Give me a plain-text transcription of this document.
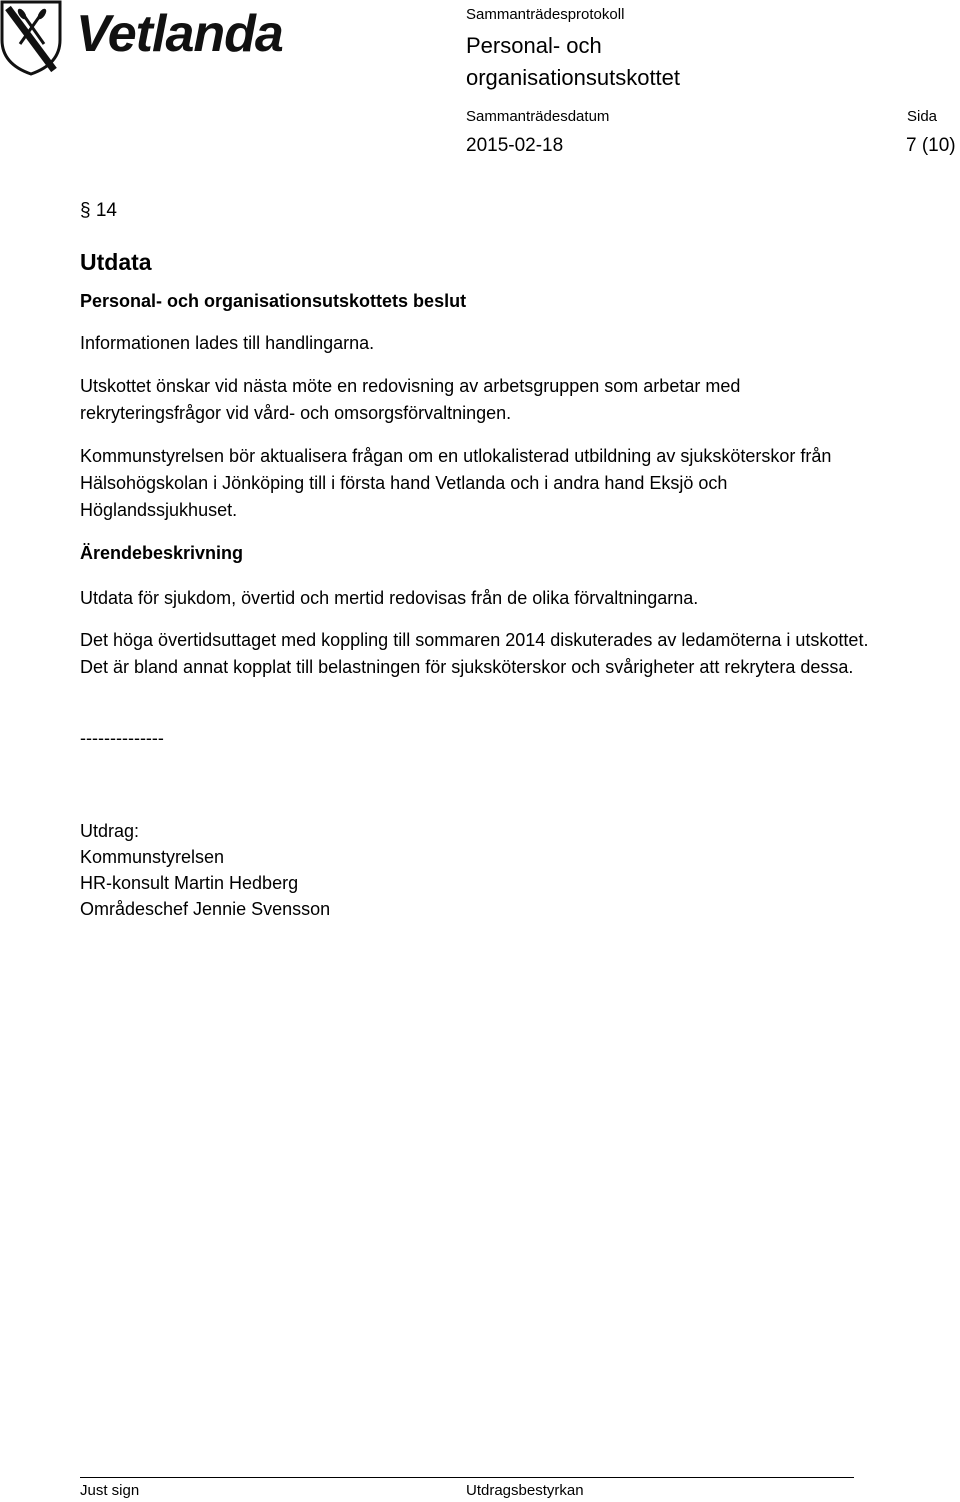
Vetlanda	Sammanträdesprotokoll
Personal- och
organisationsutskottet
Sammanträdesdatum	Sida
2015-02-18	7 (10)
§ 14
Utdata
Personal- och organisationsutskottets beslut
Informationen lades till handlingarna.
Utskottet önskar vid nästa möte en redovisning av arbetsgruppen som arbetar med rekryteringsfrågor vid vård- och omsorgsförvaltningen.
Kommunstyrelsen bör aktualisera frågan om en utlokalisterad utbildning av sjuksköterskor från Hälsohögskolan i Jönköping till i första hand Vetlanda och i andra hand Eksjö och Höglandssjukhuset.
Ärendebeskrivning
Utdata för sjukdom, övertid och mertid redovisas från de olika förvaltningarna.
Det höga övertidsuttaget med koppling till sommaren 2014 diskuterades av ledamöterna i utskottet. Det är bland annat kopplat till belastningen för sjuksköterskor och svårigheter att rekrytera dessa.
--------------
Utdrag:
Kommunstyrelsen
HR-konsult Martin Hedberg
Områdeschef Jennie Svensson
Just sign	Utdragsbestyrkan
